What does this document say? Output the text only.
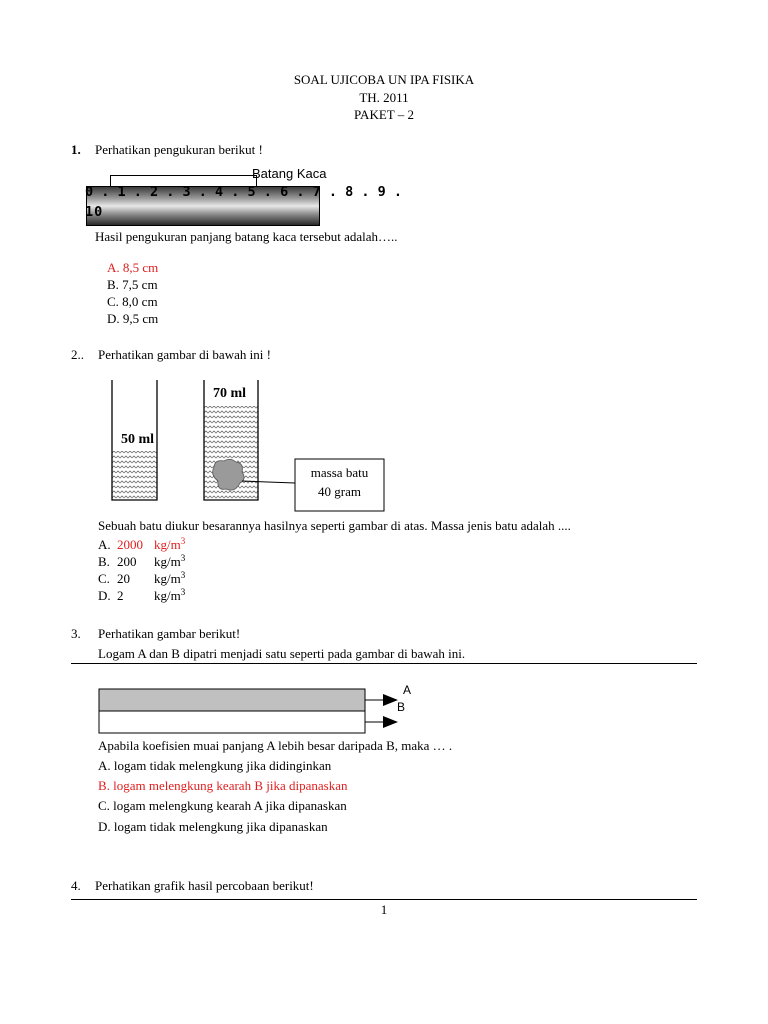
SOAL UJICOBA UN IPA FISIKA
TH. 2011
PAKET – 2
1. Perhatikan pengukuran berikut !
Batang Kaca
0 . 1 . 2 . 3 . 4 . 5 . 6 . 7 . 8 . 9 .
10
Hasil pengukuran panjang batang kaca tersebut adalah…..
A. 8,5 cm
B. 7,5 cm
C. 8,0 cm
D. 9,5 cm
2.. Perhatikan gambar di bawah ini !
50 ml
70 ml
massa batu
40 gram
Sebuah batu diukur besarannya hasilnya seperti gambar di atas. Massa jenis batu adalah ....
A. 2000 $kg/m^3$
B. 200 $kg/m^3$
C. 20 $kg/m^3$
D. 2 $kg/m^3$
3. Perhatikan gambar berikut!
Logam A dan B dipatri menjadi satu seperti pada gambar di bawah ini.
A
B
Apabila koefisien muai panjang A lebih besar daripada B, maka … .
A. logam tidak melengkung jika didinginkan
B. logam melengkung kearah B jika dipanaskan
C. logam melengkung kearah A jika dipanaskan
D. logam tidak melengkung jika dipanaskan
4. Perhatikan grafik hasil percobaan berikut!
1
